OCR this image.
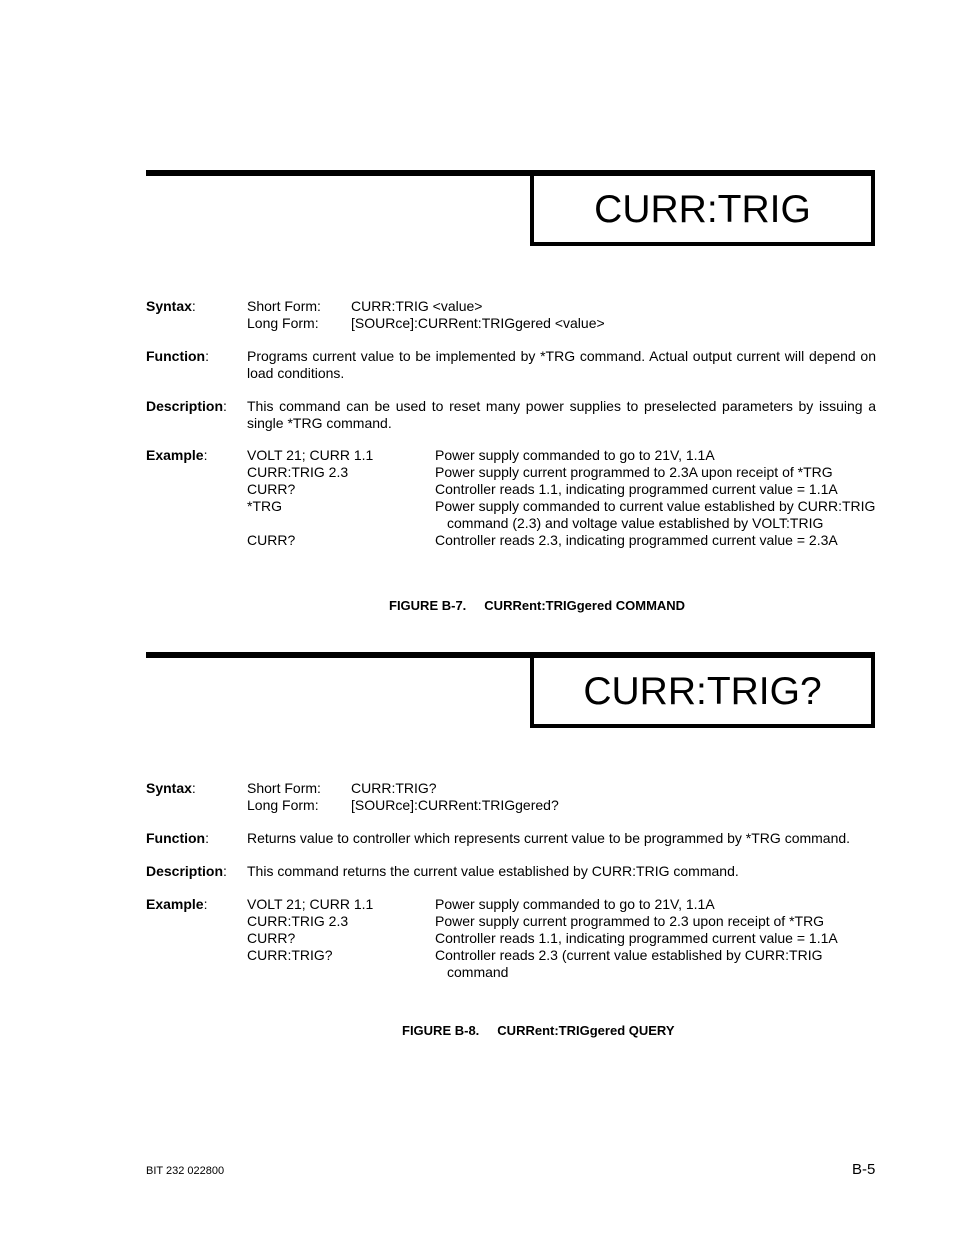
CURR:TRIG
Syntax:	Short Form: CURR:TRIG <value>
Long Form: [SOURce]:CURRent:TRIGgered <value>
Function:	Programs current value to be implemented by *TRG command. Actual output current will depend on load conditions.
Description: This command can be used to reset many power supplies to preselected parameters by issuing a single *TRG command.
Example:	VOLT 21; CURR 1.1	Power supply commanded to go to 21V, 1.1A
CURR:TRIG 2.3	Power supply current programmed to 2.3A upon receipt of *TRG
CURR?	Controller reads 1.1, indicating programmed current value = 1.1A
*TRG	Power supply commanded to current value established by CURR:TRIG
command (2.3) and voltage value established by VOLT:TRIG
CURR?	Controller reads 2.3, indicating programmed current value = 2.3A
FIGURE B-7. CURRent:TRIGgered COMMAND
CURR:TRIG?
Syntax:	Short Form: CURR:TRIG?
Long Form: [SOURce]:CURRent:TRIGgered?
Function:	Returns value to controller which represents current value to be programmed by *TRG command.
Description: This command returns the current value established by CURR:TRIG command.
Example:	VOLT 21; CURR 1.1	Power supply commanded to go to 21V, 1.1A
CURR:TRIG 2.3	Power supply current programmed to 2.3 upon receipt of *TRG
CURR?	Controller reads 1.1, indicating programmed current value = 1.1A
CURR:TRIG?	Controller reads 2.3 (current value established by CURR:TRIG
command
FIGURE B-8. CURRent:TRIGgered QUERY
BIT 232 022800	B-5
